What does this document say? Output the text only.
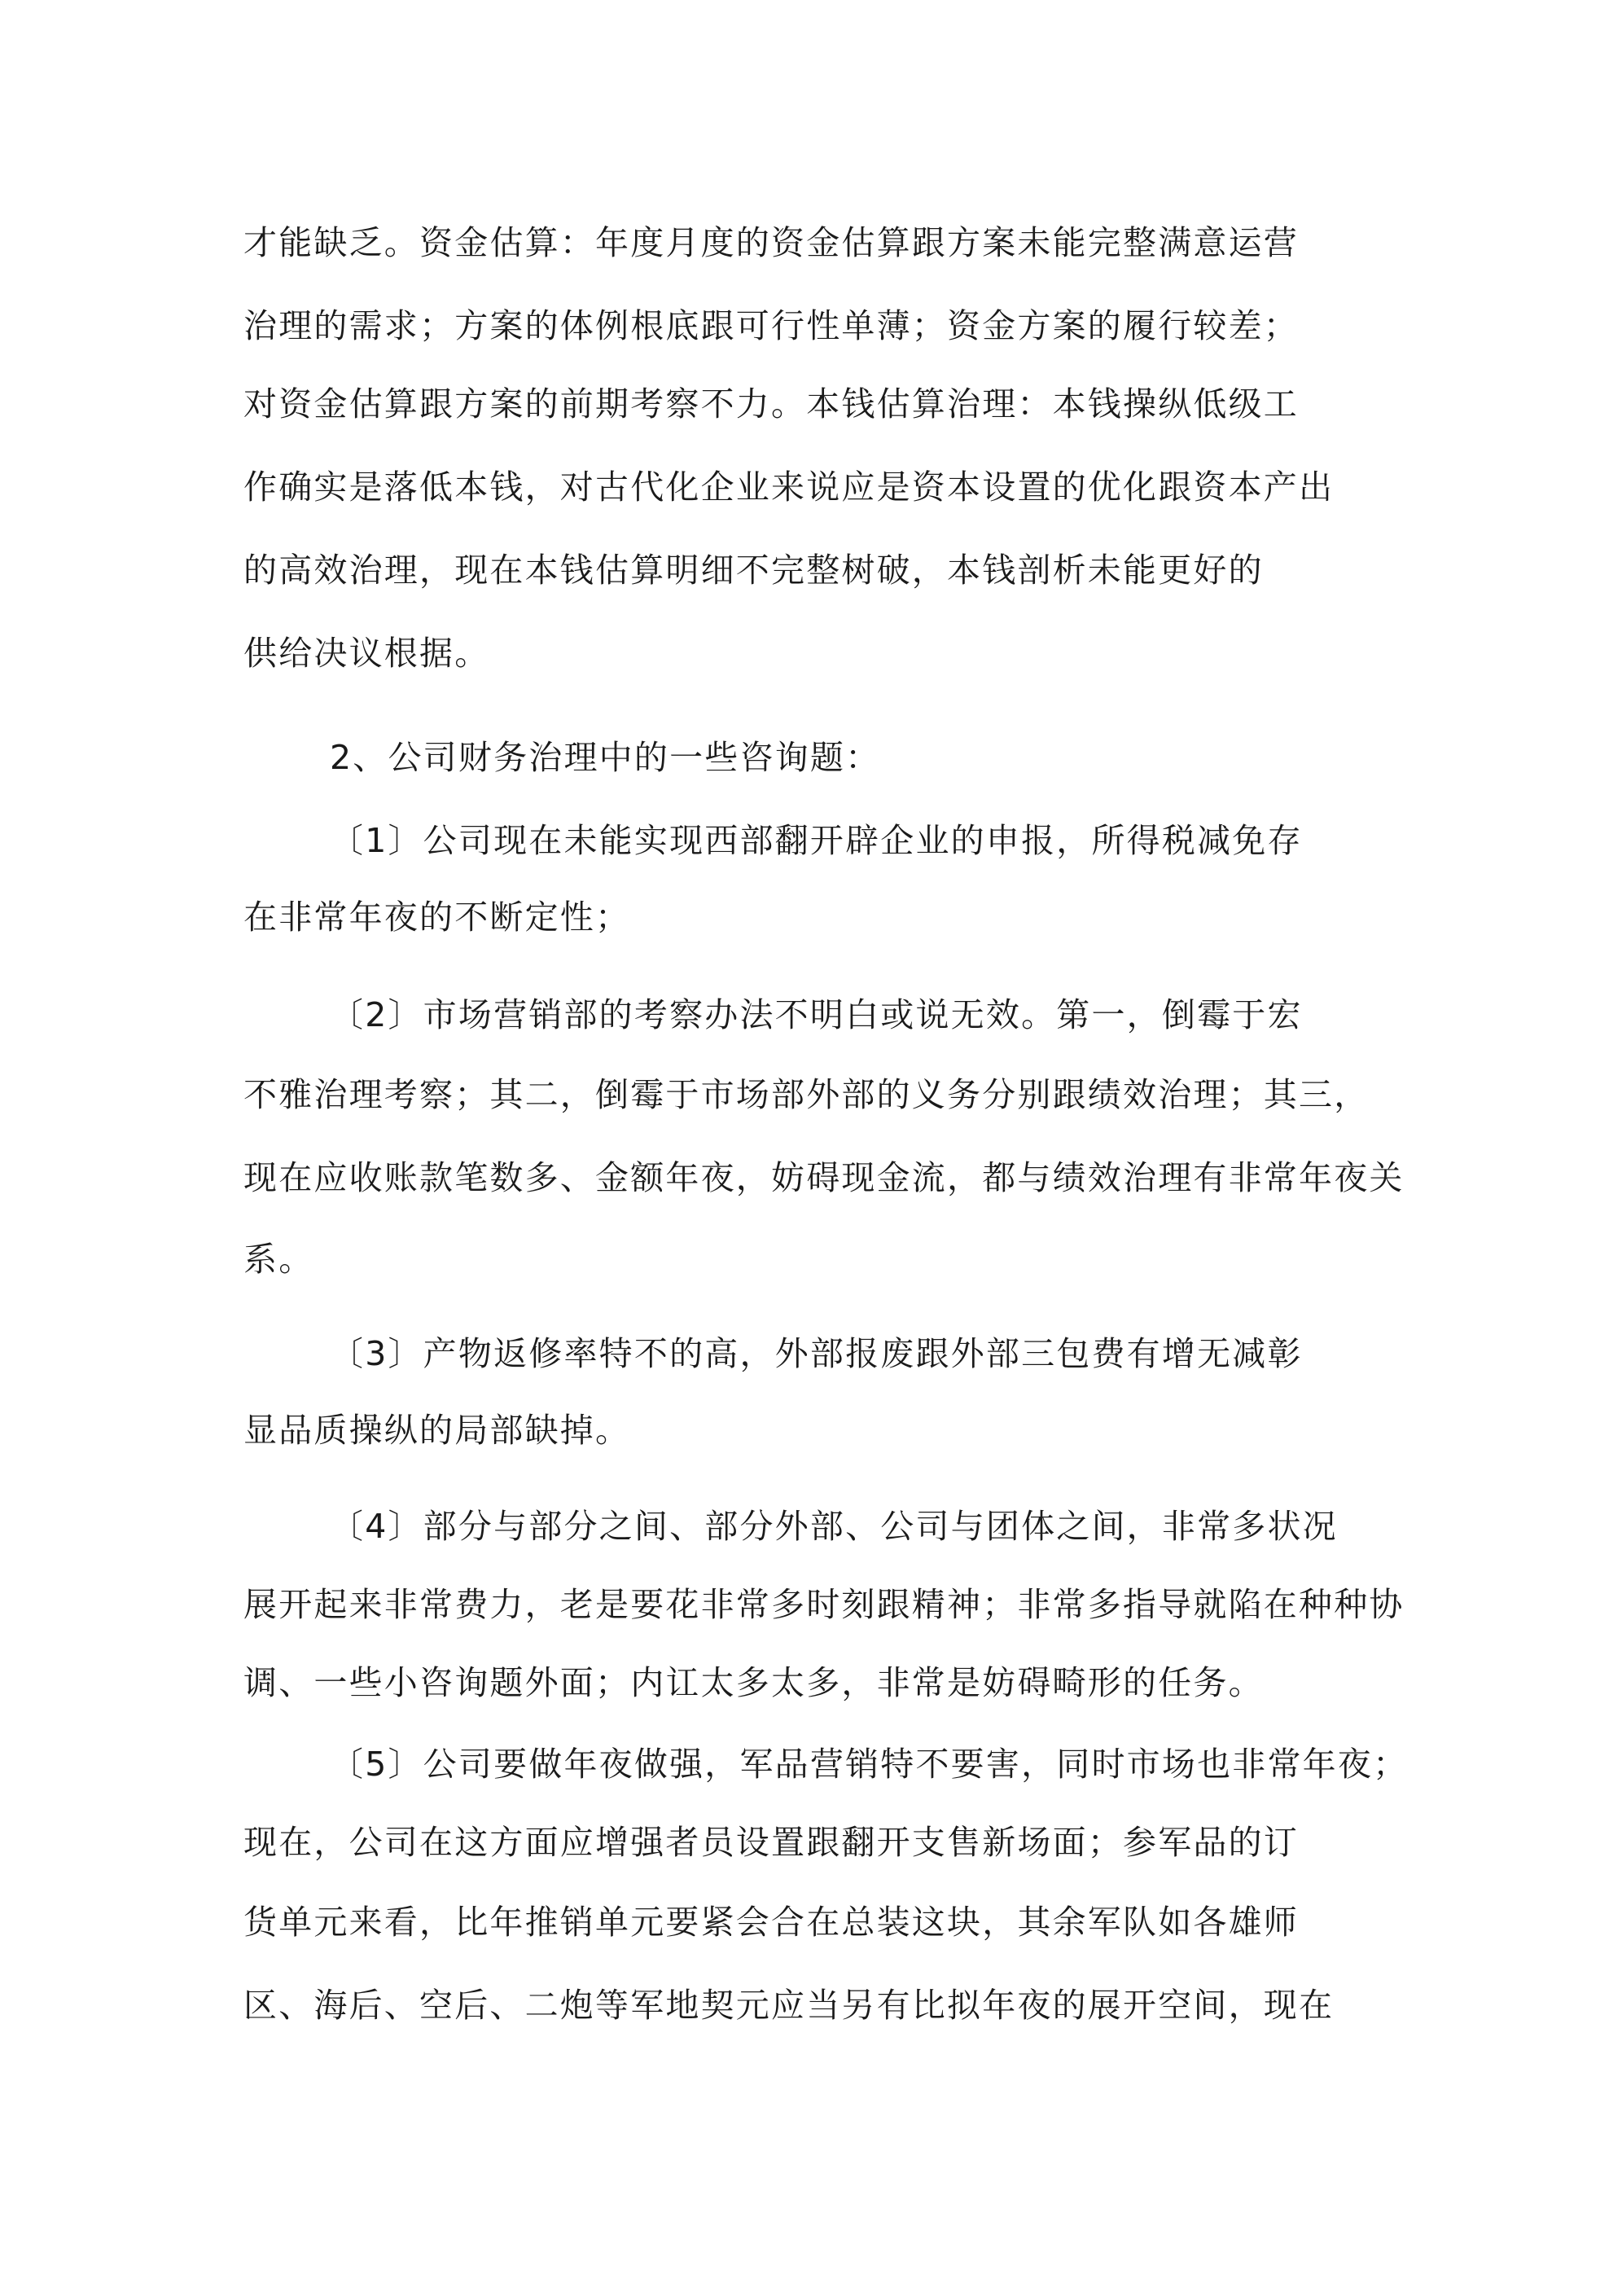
才能缺乏。资金估算：年度月度的资金估算跟方案未能完整满意运营
治理的需求；方案的体例根底跟可行性单薄；资金方案的履行较差；
对资金估算跟方案的前期考察不力。本钱估算治理：本钱操纵低级工
作确实是落低本钱，对古代化企业来说应是资本设置的优化跟资本产出
的高效治理，现在本钱估算明细不完整树破，本钱剖析未能更好的
供给决议根据。
2、公司财务治理中的一些咨询题：
〔1〕公司现在未能实现西部翻开辟企业的申报，所得税减免存
在非常年夜的不断定性；
〔2〕市场营销部的考察办法不明白或说无效。第一，倒霉于宏
不雅治理考察；其二，倒霉于市场部外部的义务分别跟绩效治理；其三，
现在应收账款笔数多、金额年夜，妨碍现金流，都与绩效治理有非常年夜关
系。
〔3〕产物返修率特不的高，外部报废跟外部三包费有增无减彰
显品质操纵的局部缺掉。
〔4〕部分与部分之间、部分外部、公司与团体之间，非常多状况
展开起来非常费力，老是要花非常多时刻跟精神；非常多指导就陷在种种协
调、一些小咨询题外面；内讧太多太多，非常是妨碍畸形的任务。
〔5〕公司要做年夜做强，军品营销特不要害，同时市场也非常年夜；
现在，公司在这方面应增强者员设置跟翻开支售新场面；参军品的订
货单元来看，比年推销单元要紧会合在总装这块，其余军队如各雄师
区、海后、空后、二炮等军地契元应当另有比拟年夜的展开空间，现在
